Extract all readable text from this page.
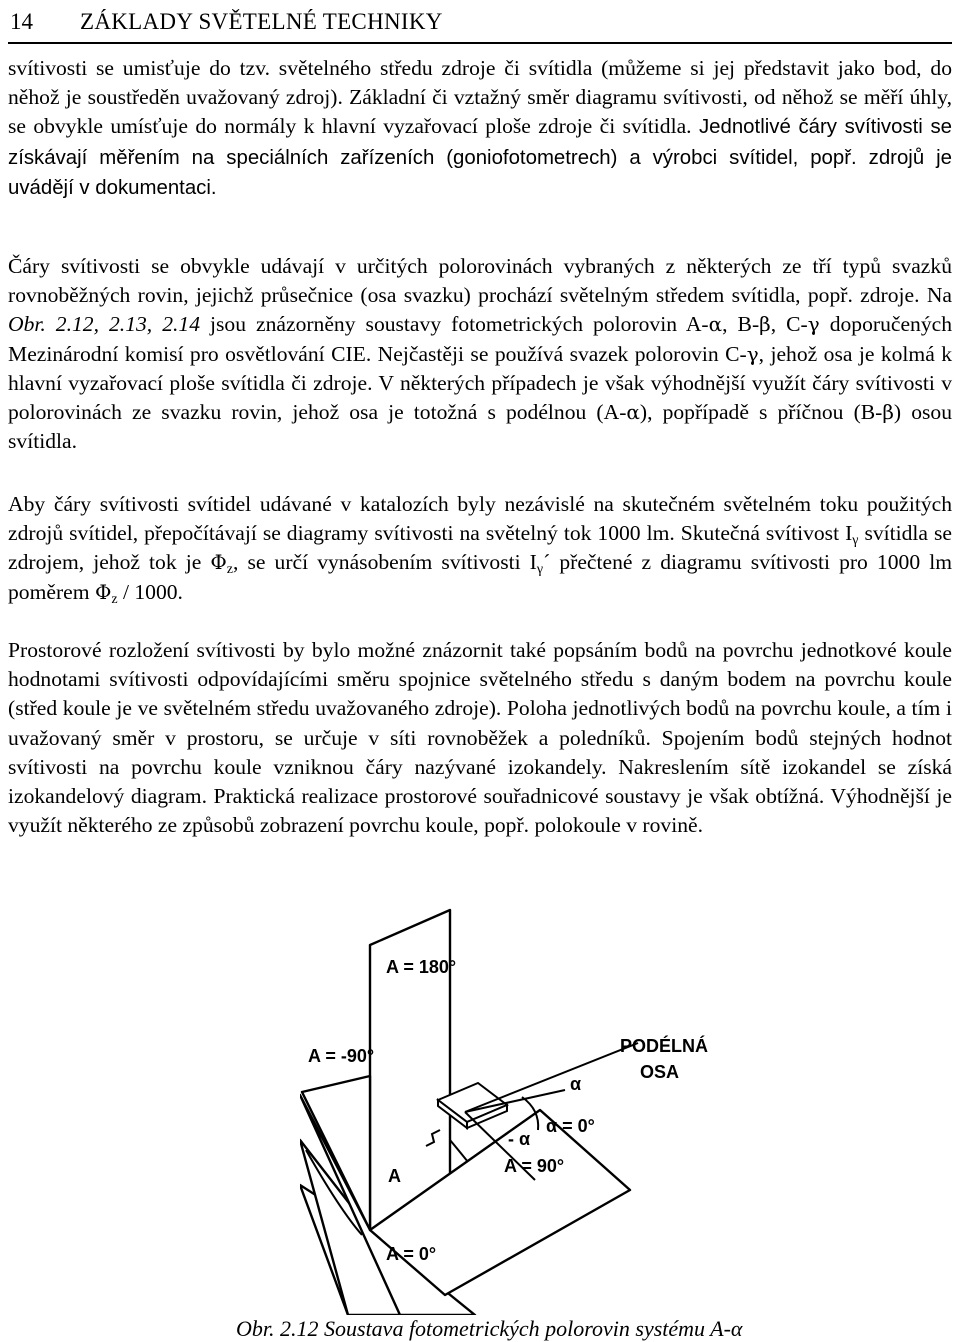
14 ZÁKLADY SVĚTELNÉ TECHNIKY

svítivosti se umisťuje do tzv. světelného středu zdroje či svítidla (můžeme si jej představit jako bod, do něhož je soustředěn uvažovaný zdroj). Základní či vztažný směr diagramu svítivosti, od něhož se měří úhly, se obvykle umísťuje do normály k hlavní vyzařovací ploše zdroje či svítidla. Jednotlivé čáry svítivosti se získávají měřením na speciálních zařízeních (goniofotometrech) a výrobci svítidel, popř. zdrojů je uvádějí v dokumentaci.

Čáry svítivosti se obvykle udávají v určitých polorovinách vybraných z některých ze tří typů svazků rovnoběžných rovin, jejichž průsečnice (osa svazku) prochází světelným středem svítidla, popř. zdroje. Na Obr. 2.12, 2.13, 2.14 jsou znázorněny soustavy fotometrických polorovin A-α, B-β, C-γ doporučených Mezinárodní komisí pro osvětlování CIE. Nejčastěji se používá svazek polorovin C-γ, jehož osa je kolmá k hlavní vyzařovací ploše svítidla či zdroje. V některých případech je však výhodnější využít čáry svítivosti v polorovinách ze svazku rovin, jehož osa je totožná s podélnou (A-α), popřípadě s příčnou (B-β) osou svítidla.

Aby čáry svítivosti svítidel udávané v katalozích byly nezávislé na skutečném světelném toku použitých zdrojů svítidel, přepočítávají se diagramy svítivosti na světelný tok 1000 lm. Skutečná svítivost $I_\gamma$ svítidla se zdrojem, jehož tok je $\Phi_z$, se určí vynásobením svítivosti $I_\gamma´$ přečtené z diagramu svítivosti pro 1000 lm poměrem $\Phi_z / 1000$.

Prostorové rozložení svítivosti by bylo možné znázornit také popsáním bodů na povrchu jednotkové koule hodnotami svítivosti odpovídajícími směru spojnice světelného středu s daným bodem na povrchu koule (střed koule je ve světelném středu uvažovaného zdroje). Poloha jednotlivých bodů na povrchu koule, a tím i uvažovaný směr v prostoru, se určuje v síti rovnoběžek a poledníků. Spojením bodů stejných hodnot svítivosti na povrchu koule vzniknou čáry nazývané izokandely. Nakreslením sítě izokandel se získá izokandelový diagram. Praktická realizace prostorové souřadnicové soustavy je však obtížná. Výhodnější je využít některého ze způsobů zobrazení povrchu koule, popř. polokoule v rovině.

A = 180°
PODÉLNÁ
OSA
A = -90°
α
- α
α = 0°
A = 90°
A
A = 0°
Obr. 2.12 Soustava fotometrických polorovin systému A-α
